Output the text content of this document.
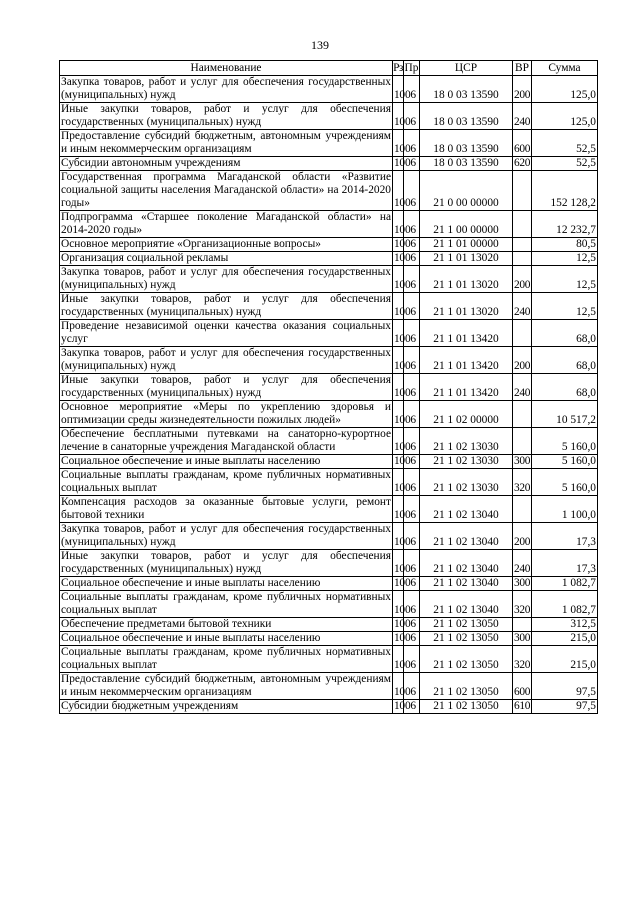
139
Наименование	Рз	Пр	ЦСР	ВР	Сумма
Закупка товаров, работ и услуг для обеспечения государственных (муниципальных) нужд	10	06	18 0 03 13590	200	125,0
Иные закупки товаров, работ и услуг для обеспечения государственных (муниципальных) нужд	10	06	18 0 03 13590	240	125,0
Предоставление субсидий бюджетным, автономным учреждениям и иным некоммерческим организациям	10	06	18 0 03 13590	600	52,5
Субсидии автономным учреждениям	10	06	18 0 03 13590	620	52,5
Государственная программа Магаданской области «Развитие социальной защиты населения Магаданской области» на 2014-2020 годы»	10	06	21 0 00 00000		152 128,2
Подпрограмма «Старшее поколение Магаданской области» на 2014-2020 годы»	10	06	21 1 00 00000		12 232,7
Основное мероприятие «Организационные вопросы»	10	06	21 1 01 00000		80,5
Организация социальной рекламы	10	06	21 1 01 13020		12,5
Закупка товаров, работ и услуг для обеспечения государственных (муниципальных) нужд	10	06	21 1 01 13020	200	12,5
Иные закупки товаров, работ и услуг для обеспечения государственных (муниципальных) нужд	10	06	21 1 01 13020	240	12,5
Проведение независимой оценки качества оказания социальных услуг	10	06	21 1 01 13420		68,0
Закупка товаров, работ и услуг для обеспечения государственных (муниципальных) нужд	10	06	21 1 01 13420	200	68,0
Иные закупки товаров, работ и услуг для обеспечения государственных (муниципальных) нужд	10	06	21 1 01 13420	240	68,0
Основное мероприятие «Меры по укреплению здоровья и оптимизации среды жизнедеятельности пожилых людей»	10	06	21 1 02 00000		10 517,2
Обеспечение бесплатными путевками на санаторно-курортное лечение в санаторные учреждения Магаданской области	10	06	21 1 02 13030		5 160,0
Социальное обеспечение и иные выплаты населению	10	06	21 1 02 13030	300	5 160,0
Социальные выплаты гражданам, кроме публичных нормативных социальных выплат	10	06	21 1 02 13030	320	5 160,0
Компенсация расходов за оказанные бытовые услуги, ремонт бытовой техники	10	06	21 1 02 13040		1 100,0
Закупка товаров, работ и услуг для обеспечения государственных (муниципальных) нужд	10	06	21 1 02 13040	200	17,3
Иные закупки товаров, работ и услуг для обеспечения государственных (муниципальных) нужд	10	06	21 1 02 13040	240	17,3
Социальное обеспечение и иные выплаты населению	10	06	21 1 02 13040	300	1 082,7
Социальные выплаты гражданам, кроме публичных нормативных социальных выплат	10	06	21 1 02 13040	320	1 082,7
Обеспечение предметами бытовой техники	10	06	21 1 02 13050		312,5
Социальное обеспечение и иные выплаты населению	10	06	21 1 02 13050	300	215,0
Социальные выплаты гражданам, кроме публичных нормативных социальных выплат	10	06	21 1 02 13050	320	215,0
Предоставление субсидий бюджетным, автономным учреждениям и иным некоммерческим организациям	10	06	21 1 02 13050	600	97,5
Субсидии бюджетным учреждениям	10	06	21 1 02 13050	610	97,5
